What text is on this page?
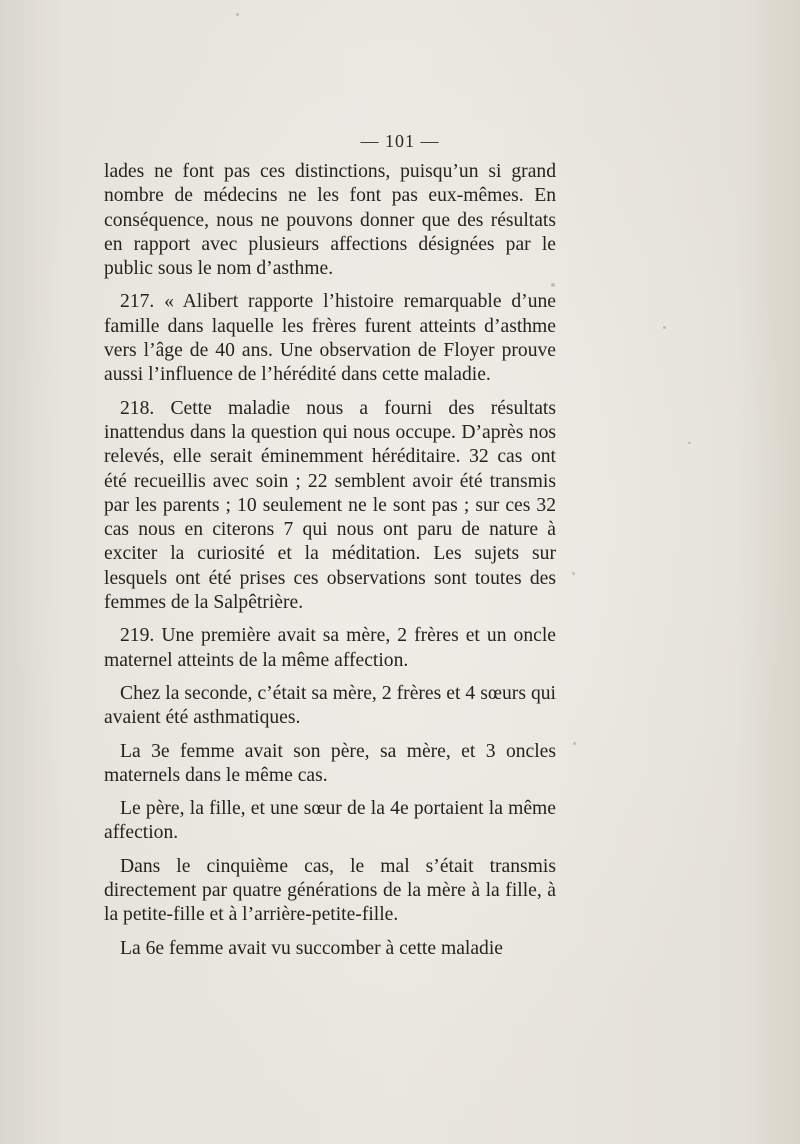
— 101 —

lades ne font pas ces distinctions, puisqu’un si grand nombre de médecins ne les font pas eux-mêmes. En conséquence, nous ne pouvons donner que des résultats en rapport avec plusieurs affections désignées par le public sous le nom d’asthme.

217. « Alibert rapporte l’histoire remarquable d’une famille dans laquelle les frères furent atteints d’asthme vers l’âge de 40 ans. Une observation de Floyer prouve aussi l’influence de l’hérédité dans cette maladie.

218. Cette maladie nous a fourni des résultats inattendus dans la question qui nous occupe. D’après nos relevés, elle serait éminemment héréditaire. 32 cas ont été recueillis avec soin ; 22 semblent avoir été transmis par les parents ; 10 seulement ne le sont pas ; sur ces 32 cas nous en citerons 7 qui nous ont paru de nature à exciter la curiosité et la méditation. Les sujets sur lesquels ont été prises ces observations sont toutes des femmes de la Salpêtrière.

219. Une première avait sa mère, 2 frères et un oncle maternel atteints de la même affection.

Chez la seconde, c’était sa mère, 2 frères et 4 sœurs qui avaient été asthmatiques.

La 3e femme avait son père, sa mère, et 3 oncles maternels dans le même cas.

Le père, la fille, et une sœur de la 4e portaient la même affection.

Dans le cinquième cas, le mal s’était transmis directement par quatre générations de la mère à la fille, à la petite-fille et à l’arrière-petite-fille.

La 6e femme avait vu succomber à cette maladie
